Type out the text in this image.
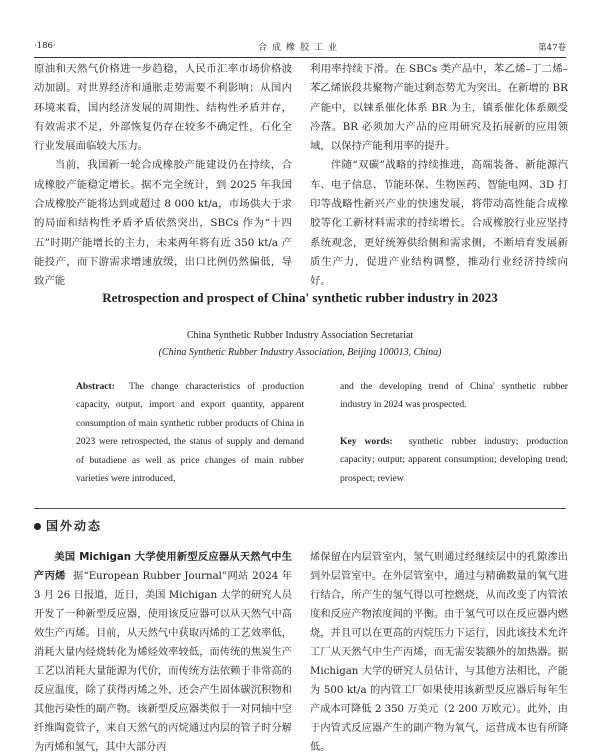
·186·	合成橡胶工业	第47卷

原油和天然气价格进一步趋稳，人民币汇率市场价格波动加剧。对世界经济和通胀走势需要不利影响；从国内环境来看，国内经济发展的周期性、结构性矛盾并存，有效需求不足，外部恢复仍存在较多不确定性，石化全行业发展面临较大压力。

当前，我国新一轮合成橡胶产能建设仍在持续，合成橡胶产能稳定增长。据不完全统计，到 2025 年我国合成橡胶产能将达到或超过 8 000 kt/a，市场供大于求的局面和结构性矛盾矛盾依然突出，SBCs 作为“十四五”时期产能增长的主力，未来两年将有近 350 kt/a 产能投产，而下游需求增速放缓，出口比例仍然偏低，导致产能

利用率持续下滑。在 SBCs 类产品中，苯乙烯–丁二烯–苯乙烯嵌段共聚物产能过剩态势尤为突出。在新增的 BR 产能中，以铼系催化体系 BR 为主，镇系催化体系颇受冷落。BR 必须加大产品的应用研究及拓展新的应用领域，以保持产能利用率的提升。

伴随“双碳”战略的持续推进，高端装备、新能源汽车、电子信息、节能环保、生物医药、智能电网、3D 打印等战略性新兴产业的快速发展，将带动高性能合成橡胶等化工新材料需求的持续增长。合成橡胶行业应坚持系统观念，更好统筹供给侧和需求侧，不断培育发展新质生产力，促进产业结构调整，推动行业经济持续向好。

Retrospection and prospect of China' synthetic rubber industry in 2023
China Synthetic Rubber Industry Association Secretariat
(China Synthetic Rubber Industry Association, Beijing 100013, China)
Abstract: The change characteristics of production capacity, output, import and export quantity, apparent consumption of main synthetic rubber products of China in 2023 were retrospected, the status of supply and demand of butadiene as well as price changes of main rubber varieties were introduced,
and the developing trend of China' synthetic rubber industry in 2024 was prospected.
Key words: synthetic rubber industry; production capacity; output; apparent consumption; developing trend; prospect; review
国外动态

美国 Michigan 大学使用新型反应器从天然气中生产丙烯 据“European Rubber Journal”网站 2024 年 3 月 26 日报道，近日，美国 Michigan 大学的研究人员开发了一种新型反应器，使用该反应器可以从天然气中高效生产丙烯。目前，从天然气中获取丙烯的工艺效率低，消耗大量内烃烧转化为烯烃效率较低，而传统的焦炭生产工艺以消耗大量能源为代价，而传统方法依赖于非常高的反应温度，除了获得丙烯之外，还会产生固体碳沉积物和其他污染性的副产物。该新型反应器类似于一对同轴中空纤维陶瓷管子，来自天然气的丙烷通过内层的管子时分解为丙烯和氢气，其中大部分丙

烯保留在内层管室内，氢气则通过经继续层中的孔隙渗出到外层管室中。在外层管室中，通过与精确数量的氧气进行结合，所产生的氢气得以可控燃烧，从而改变了内管浓度和反应产物浓度间的平衡。由于氢气可以在反应器内燃烧，并且可以在更高的丙烷压力下运行，因此该技术允许工厂从天然气中生产丙烯，而无需安装额外的加热器。据 Michigan 大学的研究人员估计，与其他方法相比，产能为 500 kt/a 的内管工厂如果使用该新型反应器后每年生产成本可降低 2 350 万美元（2 200 万欧元）。此外，由于内管式反应器产生的副产物为氧气，运营成本也有所降低。
